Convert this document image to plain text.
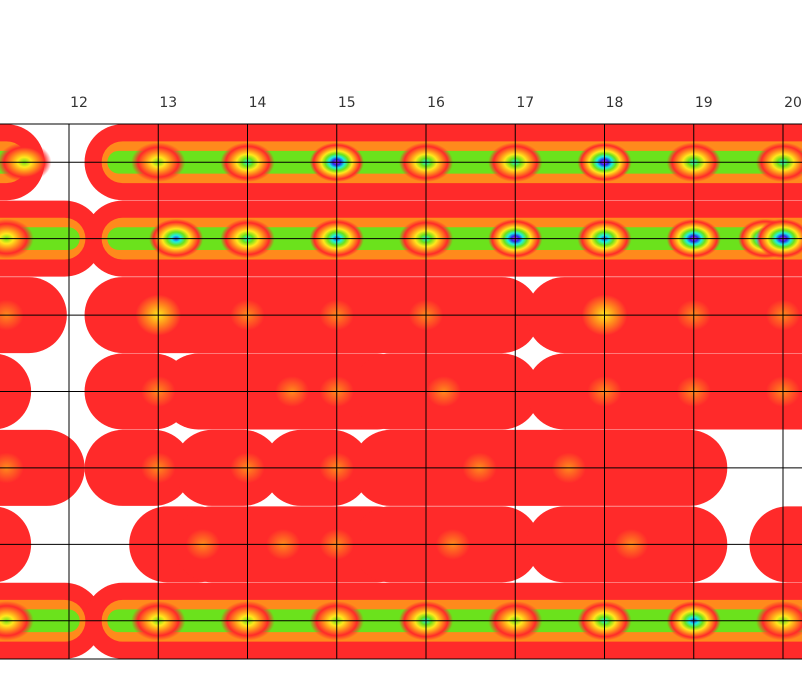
12	13	14	15	16	17	18	19	20
